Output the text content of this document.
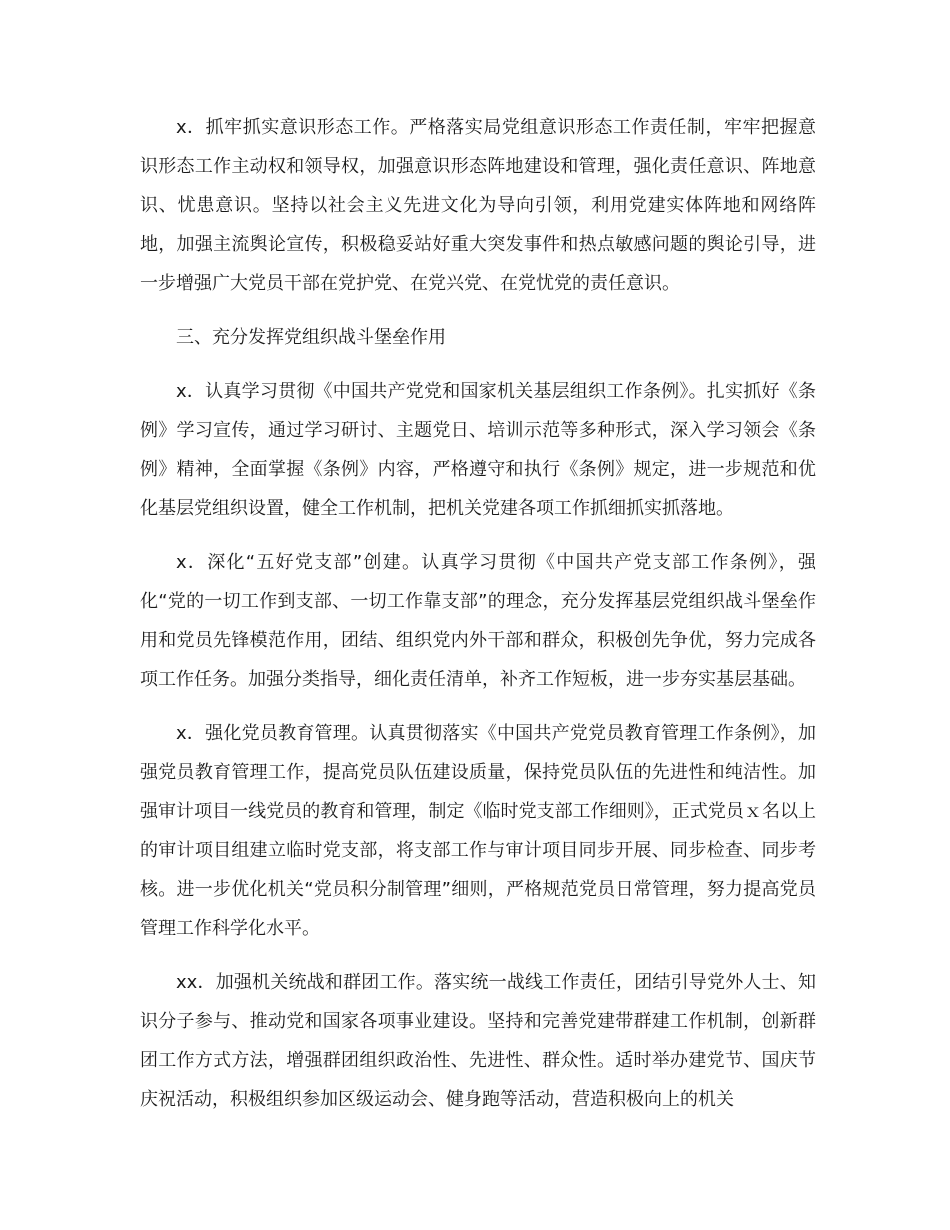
x．抓牢抓实意识形态工作。严格落实局党组意识形态工作责任制，牢牢把握意识形态工作主动权和领导权，加强意识形态阵地建设和管理，强化责任意识、阵地意识、忧患意识。坚持以社会主义先进文化为导向引领，利用党建实体阵地和网络阵地，加强主流舆论宣传，积极稳妥站好重大突发事件和热点敏感问题的舆论引导，进一步增强广大党员干部在党护党、在党兴党、在党忧党的责任意识。

三、充分发挥党组织战斗堡垒作用

x．认真学习贯彻《中国共产党党和国家机关基层组织工作条例》。扎实抓好《条例》学习宣传，通过学习研讨、主题党日、培训示范等多种形式，深入学习领会《条例》精神，全面掌握《条例》内容，严格遵守和执行《条例》规定，进一步规范和优化基层党组织设置，健全工作机制，把机关党建各项工作抓细抓实抓落地。

x．深化“五好党支部”创建。认真学习贯彻《中国共产党支部工作条例》，强化“党的一切工作到支部、一切工作靠支部”的理念，充分发挥基层党组织战斗堡垒作用和党员先锋模范作用，团结、组织党内外干部和群众，积极创先争优，努力完成各项工作任务。加强分类指导，细化责任清单，补齐工作短板，进一步夯实基层基础。

x．强化党员教育管理。认真贯彻落实《中国共产党党员教育管理工作条例》，加强党员教育管理工作，提高党员队伍建设质量，保持党员队伍的先进性和纯洁性。加强审计项目一线党员的教育和管理，制定《临时党支部工作细则》，正式党员ｘ名以上的审计项目组建立临时党支部，将支部工作与审计项目同步开展、同步检查、同步考核。进一步优化机关“党员积分制管理”细则，严格规范党员日常管理，努力提高党员管理工作科学化水平。

xx．加强机关统战和群团工作。落实统一战线工作责任，团结引导党外人士、知识分子参与、推动党和国家各项事业建设。坚持和完善党建带群建工作机制，创新群团工作方式方法，增强群团组织政治性、先进性、群众性。适时举办建党节、国庆节庆祝活动，积极组织参加区级运动会、健身跑等活动，营造积极向上的机关
